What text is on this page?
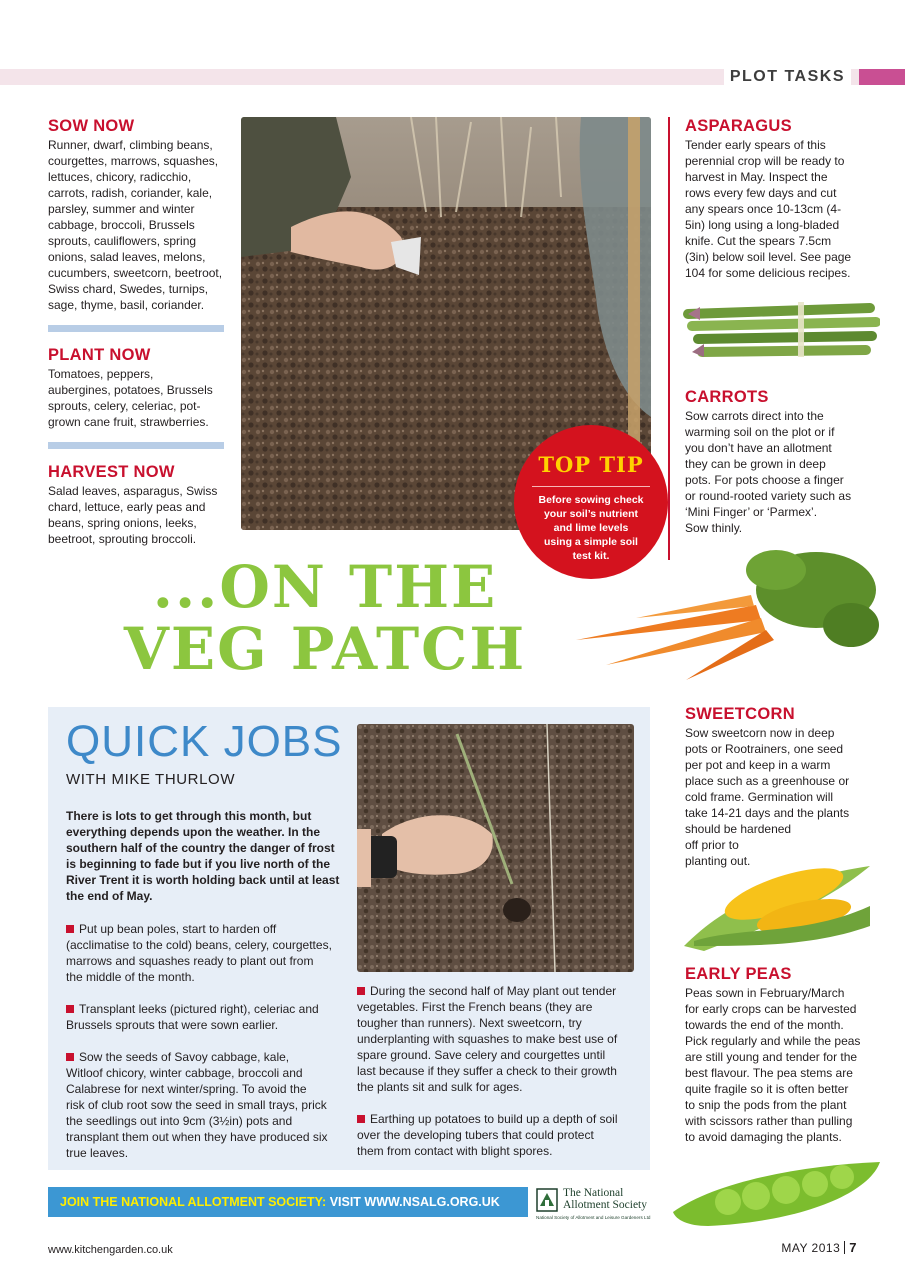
PLOT TASKS
SOW NOW

Runner, dwarf, climbing beans,
courgettes, marrows, squashes,
lettuces, chicory, radicchio,
carrots, radish, coriander, kale,
parsley, summer and winter
cabbage, broccoli, Brussels
sprouts, cauliflowers, spring
onions, salad leaves, melons,
cucumbers, sweetcorn, beetroot,
Swiss chard, Swedes, turnips,
sage, thyme, basil, coriander.

PLANT NOW

Tomatoes, peppers,
aubergines, potatoes, Brussels
sprouts, celery, celeriac, pot-
grown cane fruit, strawberries.

HARVEST NOW

Salad leaves, asparagus, Swiss
chard, lettuce, early peas and
beans, spring onions, leeks,
beetroot, sprouting broccoli.

TOP TIP
Before sowing check
your soil’s nutrient
and lime levels
using a simple soil
test kit.
...ON THE
VEG PATCH
ASPARAGUS

Tender early spears of this
perennial crop will be ready to
harvest in May. Inspect the
rows every few days and cut
any spears once 10-13cm (4-
5in) long using a long-bladed
knife. Cut the spears 7.5cm
(3in) below soil level. See page
104 for some delicious recipes.

CARROTS

Sow carrots direct into the
warming soil on the plot or if
you don’t have an allotment
they can be grown in deep
pots. For pots choose a finger
or round-rooted variety such as
‘Mini Finger’ or ‘Parmex’.
Sow thinly.

SWEETCORN

Sow sweetcorn now in deep
pots or Rootrainers, one seed
per pot and keep in a warm
place such as a greenhouse or
cold frame. Germination will
take 14-21 days and the plants
should be hardened
off prior to
planting out.

EARLY PEAS

Peas sown in February/March
for early crops can be harvested
towards the end of the month.
Pick regularly and while the peas
are still young and tender for the
best flavour. The pea stems are
quite fragile so it is often better
to snip the pods from the plant
with scissors rather than pulling
to avoid damaging the plants.

QUICK JOBS
WITH MIKE THURLOW
There is lots to get through this month, but
everything depends upon the weather. In the
southern half of the country the danger of frost
is beginning to fade but if you live north of the
River Trent it is worth holding back until at least
the end of May.
Put up bean poles, start to harden off
(acclimatise to the cold) beans, celery, courgettes,
marrows and squashes ready to plant out from
the middle of the month.
Transplant leeks (pictured right), celeriac and
Brussels sprouts that were sown earlier.
Sow the seeds of Savoy cabbage, kale,
Witloof chicory, winter cabbage, broccoli and
Calabrese for next winter/spring. To avoid the
risk of club root sow the seed in small trays, prick
the seedlings out into 9cm (3½in) pots and
transplant them out when they have produced six
true leaves.
During the second half of May plant out tender
vegetables. First the French beans (they are
tougher than runners). Next sweetcorn, try
underplanting with squashes to make best use of
spare ground. Save celery and courgettes until
last because if they suffer a check to their growth
the plants sit and sulk for ages.
Earthing up potatoes to build up a depth of soil
over the developing tubers that could protect
them from contact with blight spores.
JOIN THE NATIONAL ALLOTMENT SOCIETY: VISIT WWW.NSALG.ORG.UK
The National
Allotment Society
National Society of Allotment and Leisure Gardeners Ltd
www.kitchengarden.co.uk	MAY 2013 7
